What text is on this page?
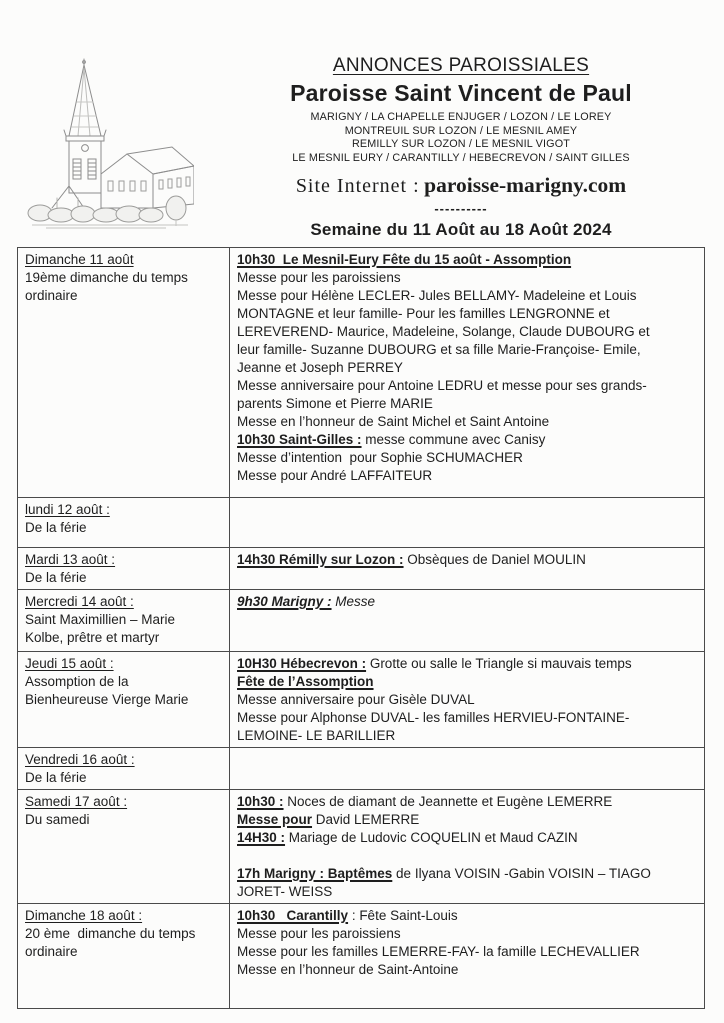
ANNONCES PAROISSIALES
Paroisse Saint Vincent de Paul
MARIGNY / LA CHAPELLE ENJUGER / LOZON / LE LOREY
MONTREUIL SUR LOZON / LE MESNIL AMEY
REMILLY SUR LOZON / LE MESNIL VIGOT
LE MESNIL EURY / CARANTILLY / HEBECREVON / SAINT GILLES
Site Internet : paroisse-marigny.com
----------
Semaine du 11 Août au 18 Août 2024
Dimanche 11 août
19ème dimanche du temps
ordinaire
10h30  Le Mesnil-Eury Fête du 15 août - Assomption
Messe pour les paroissiens
Messe pour Hélène LECLER- Jules BELLAMY- Madeleine et Louis
MONTAGNE et leur famille- Pour les familles LENGRONNE et
LEREVEREND- Maurice, Madeleine, Solange, Claude DUBOURG et
leur famille- Suzanne DUBOURG et sa fille Marie-Françoise- Emile,
Jeanne et Joseph PERREY
Messe anniversaire pour Antoine LEDRU et messe pour ses grands-
parents Simone et Pierre MARIE
Messe en l’honneur de Saint Michel et Saint Antoine
10h30 Saint-Gilles : messe commune avec Canisy
Messe d’intention  pour Sophie SCHUMACHER
Messe pour André LAFFAITEUR
lundi 12 août :
De la férie
Mardi 13 août :
De la férie
14h30 Rémilly sur Lozon : Obsèques de Daniel MOULIN
Mercredi 14 août :
Saint Maximillien – Marie
Kolbe, prêtre et martyr
9h30 Marigny : Messe
Jeudi 15 août :
Assomption de la
Bienheureuse Vierge Marie
10H30 Hébecrevon : Grotte ou salle le Triangle si mauvais temps
Fête de l’Assomption
Messe anniversaire pour Gisèle DUVAL
Messe pour Alphonse DUVAL- les familles HERVIEU-FONTAINE-
LEMOINE- LE BARILLIER
Vendredi 16 août :
De la férie
Samedi 17 août :
Du samedi
10h30 : Noces de diamant de Jeannette et Eugène LEMERRE
Messe pour David LEMERRE
14H30 : Mariage de Ludovic COQUELIN et Maud CAZIN
17h Marigny : Baptêmes de Ilyana VOISIN -Gabin VOISIN – TIAGO
JORET- WEISS
Dimanche 18 août :
20 ème  dimanche du temps
ordinaire
10h30   Carantilly : Fête Saint-Louis
Messe pour les paroissiens
Messe pour les familles LEMERRE-FAY- la famille LECHEVALLIER
Messe en l’honneur de Saint-Antoine
